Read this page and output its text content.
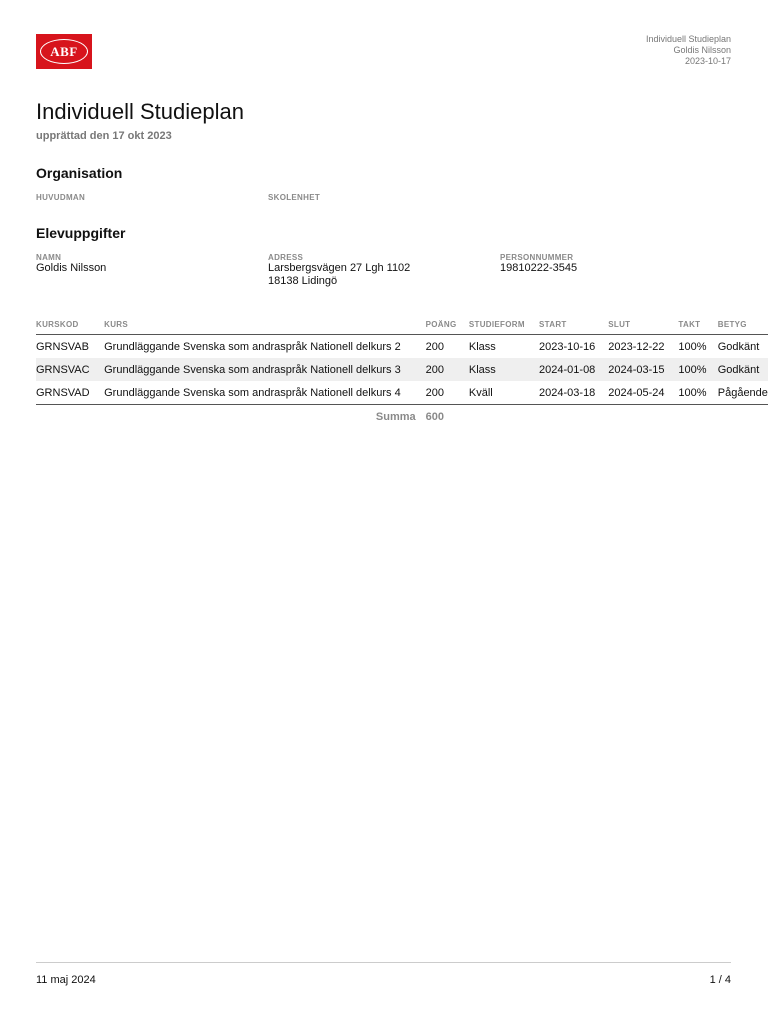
ABF
Individuell Studieplan
Goldis Nilsson
2023-10-17
Individuell Studieplan

upprättad den 17 okt 2023

Organisation

HUVUDMAN	SKOLENHET

Elevuppgifter

NAMN

Goldis Nilsson

ADRESS

Larsbergsvägen 27 Lgh 1102

18138 Lidingö

PERSONNUMMER

19810222-3545

KURSKOD	KURS	POÄNG	STUDIEFORM	START	SLUT	TAKT	BETYG
GRNSVAB	Grundläggande Svenska som andraspråk Nationell delkurs 2	200	Klass	2023-10-16	2023-12-22	100%	Godkänt
GRNSVAC	Grundläggande Svenska som andraspråk Nationell delkurs 3	200	Klass	2024-01-08	2024-03-15	100%	Godkänt
GRNSVAD	Grundläggande Svenska som andraspråk Nationell delkurs 4	200	Kväll	2024-03-18	2024-05-24	100%	Pågående
Summa		600					
11 maj 2024	1 / 4
